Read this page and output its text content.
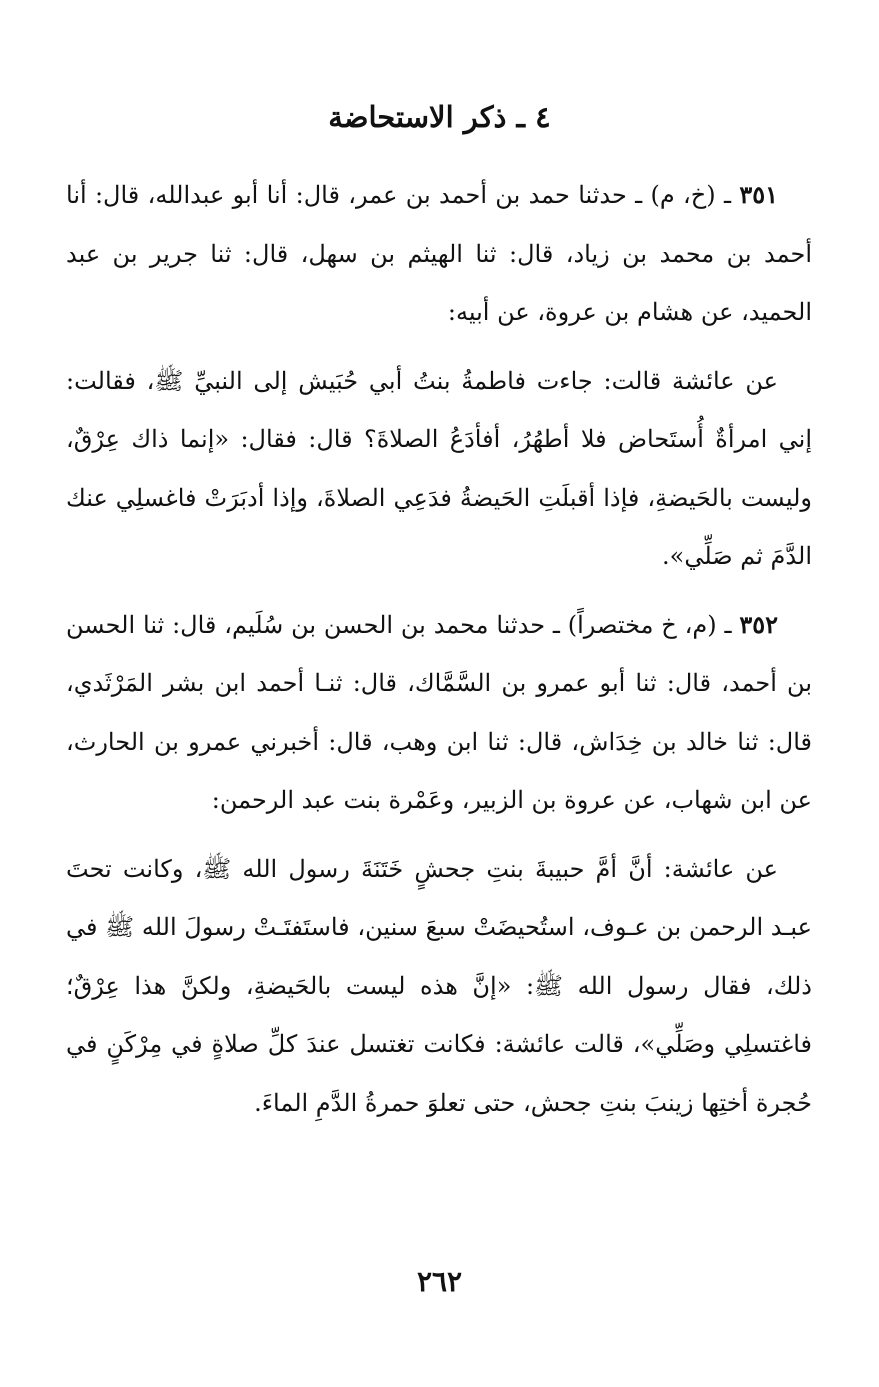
٤ ـ ذكر الاستحاضة

٣٥١ ـ (خ، م) ـ حدثنا حمد بن أحمد بن عمر، قال: أنا أبو عبدالله، قال: أنا أحمد بن محمد بن زياد، قال: ثنا الهيثم بن سهل، قال: ثنا جرير بن عبد الحميد، عن هشام بن عروة، عن أبيه:

عن عائشة قالت: جاءت فاطمةُ بنتُ أبي حُبَيش إلى النبيِّ ﷺ، فقالت: إني امرأةٌ أُستَحاض فلا أطهُرُ، أفأدَعُ الصلاةَ؟ قال: فقال: «إنما ذاك عِرْقٌ، وليست بالحَيضةِ، فإذا أقبلَتِ الحَيضةُ فدَعِي الصلاةَ، وإذا أدبَرَتْ فاغسلِي عنك الدَّمَ ثم صَلِّي».

٣٥٢ ـ (م، خ مختصراً) ـ حدثنا محمد بن الحسن بن سُلَيم، قال: ثنا الحسن بن أحمد، قال: ثنا أبو عمرو بن السَّمَّاك، قال: ثنـا أحمد ابن بشر المَرْثَدي، قال: ثنا خالد بن خِدَاش، قال: ثنا ابن وهب، قال: أخبرني عمرو بن الحارث، عن ابن شهاب، عن عروة بن الزبير، وعَمْرة بنت عبد الرحمن:

عن عائشة: أنَّ أمَّ حبيبةَ بنتِ جحشٍ خَتَنَةَ رسول الله ﷺ، وكانت تحتَ عبـد الرحمن بن عـوف، استُحيضَتْ سبعَ سنين، فاستَفتَـتْ رسولَ الله ﷺ في ذلك، فقال رسول الله ﷺ: «إنَّ هذه ليست بالحَيضةِ، ولكنَّ هذا عِرْقٌ؛ فاغتسلِي وصَلِّي»، قالت عائشة: فكانت تغتسل عندَ كلِّ صلاةٍ في مِرْكَنٍ في حُجرة أختِها زينبَ بنتِ جحش، حتى تعلوَ حمرةُ الدَّمِ الماءَ.

٢٦٢
